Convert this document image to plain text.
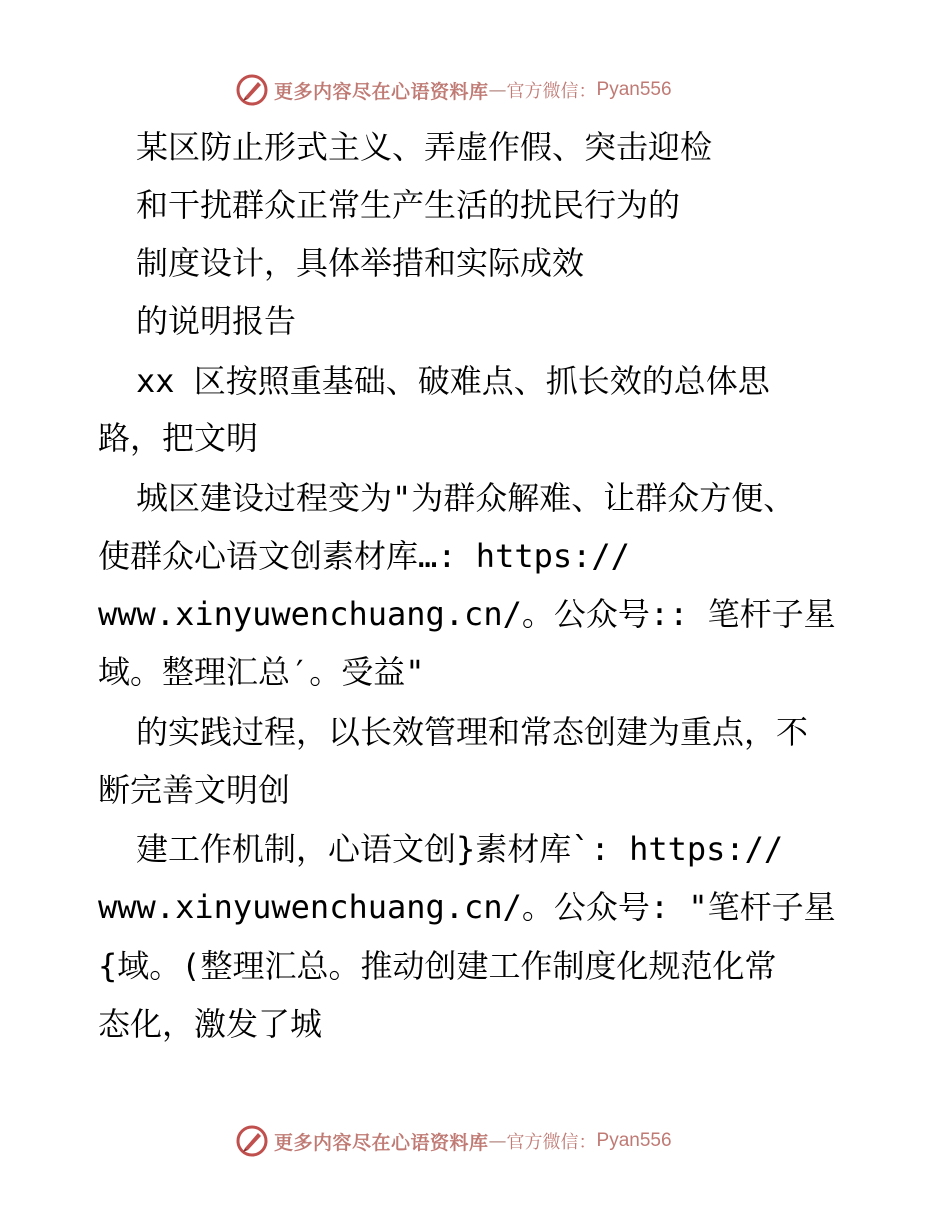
更多内容尽在心语资料库 — 官方微信： Pyan556
某区防止形式主义、弄虚作假、突击迎检
和干扰群众正常生产生活的扰民行为的
制度设计，具体举措和实际成效
的说明报告
xx 区按照重基础、破难点、抓长效的总体思
路，把文明
城区建设过程变为"为群众解难、让群众方便、
使群众心语文创素材库…: https://
www.xinyuwenchuang.cn/。公众号:: 笔杆子星
域。整理汇总′。受益"
的实践过程，以长效管理和常态创建为重点，不
断完善文明创
建工作机制，心语文创}素材库`: https://
www.xinyuwenchuang.cn/。公众号: "笔杆子星
{域。(整理汇总。推动创建工作制度化规范化常
态化，激发了城
更多内容尽在心语资料库 — 官方微信： Pyan556
